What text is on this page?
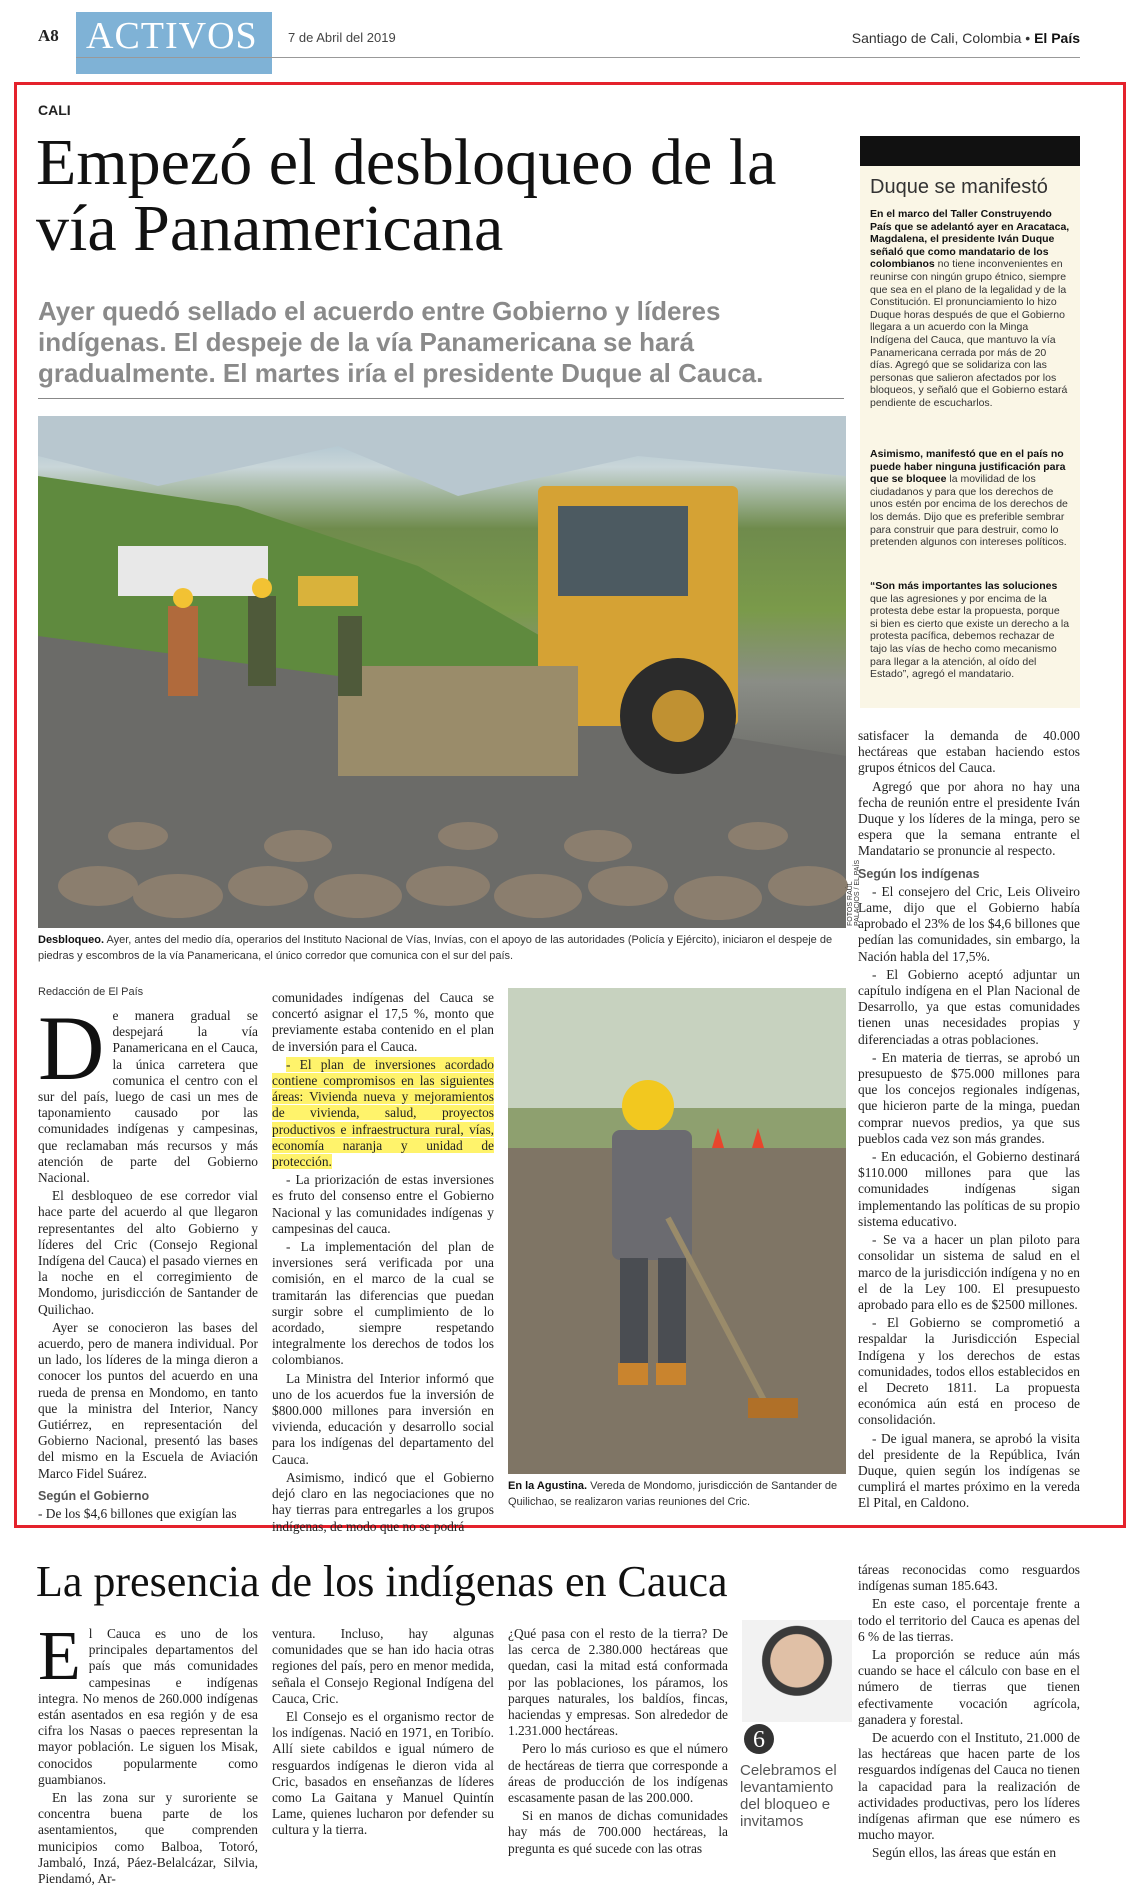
A8 ACTIVOS 7 de Abril del 2019	Santiago de Cali, Colombia • El País
CALI
Empezó el desbloqueo de la vía Panamericana
Ayer quedó sellado el acuerdo entre Gobierno y líderes indígenas. El despeje de la vía Panamericana se hará gradualmente. El martes iría el presidente Duque al Cauca.
FOTOS RAÚL PALACIOS / EL PAÍS
Desbloqueo. Ayer, antes del medio día, operarios del Instituto Nacional de Vías, Invías, con el apoyo de las autoridades (Policía y Ejército), iniciaron el despeje de piedras y escombros de la vía Panamericana, el único corredor que comunica con el sur del país.
Duque se manifestó
En el marco del Taller Construyendo País que se adelantó ayer en Aracataca, Magdalena, el presidente Iván Duque señaló que como mandatario de los colombianos no tiene inconvenientes en reunirse con ningún grupo étnico, siempre que sea en el plano de la legalidad y de la Constitución. El pronunciamiento lo hizo Duque horas después de que el Gobierno llegara a un acuerdo con la Minga Indígena del Cauca, que mantuvo la vía Panamericana cerrada por más de 20 días. Agregó que se solidariza con las personas que salieron afectados por los bloqueos, y señaló que el Gobierno estará pendiente de escucharlos.
Asimismo, manifestó que en el país no puede haber ninguna justificación para que se bloquee la movilidad de los ciudadanos y para que los derechos de unos estén por encima de los derechos de los demás. Dijo que es preferible sembrar para construir que para destruir, como lo pretenden algunos con intereses políticos.
“Son más importantes las soluciones que las agresiones y por encima de la protesta debe estar la propuesta, porque si bien es cierto que existe un derecho a la protesta pacífica, debemos rechazar de tajo las vías de hecho como mecanismo para llegar a la atención, al oído del Estado”, agregó el mandatario.

satisfacer la demanda de 40.000 hectáreas que estaban haciendo estos grupos étnicos del Cauca.

Agregó que por ahora no hay una fecha de reunión entre el presidente Iván Duque y los líderes de la minga, pero se espera que la semana entrante el Mandatario se pronuncie al respecto.

Según los indígenas

- El consejero del Cric, Leis Oliveiro Lame, dijo que el Gobierno había aprobado el 23% de los $4,6 billones que pedían las comunidades, sin embargo, la Nación habla del 17,5%.

- El Gobierno aceptó adjuntar un capítulo indígena en el Plan Nacional de Desarrollo, ya que estas comunidades tienen unas necesidades propias y diferenciadas a otras poblaciones.

- En materia de tierras, se aprobó un presupuesto de $75.000 millones para que los concejos regionales indígenas, que hicieron parte de la minga, puedan comprar nuevos predios, ya que sus pueblos cada vez son más grandes.

- En educación, el Gobierno destinará $110.000 millones para que las comunidades indígenas sigan implementando las políticas de su propio sistema educativo.

- Se va a hacer un plan piloto para consolidar un sistema de salud en el marco de la jurisdicción indígena y no en el de la Ley 100. El presupuesto aprobado para ello es de $2500 millones.

- El Gobierno se comprometió a respaldar la Jurisdicción Especial Indígena y los derechos de estas comunidades, todos ellos establecidos en el Decreto 1811. La propuesta económica aún está en proceso de consolidación.

- De igual manera, se aprobó la visita del presidente de la República, Iván Duque, quien según los indígenas se cumplirá el martes próximo en la vereda El Pital, en Caldono.

Redacción de El País
D e manera gradual se despejará la vía Panamericana en el Cauca, la única carretera que comunica el centro con el sur del país, luego de casi un mes de taponamiento causado por las comunidades indígenas y campesinas, que reclamaban más recursos y más atención de parte del Gobierno Nacional.

El desbloqueo de ese corredor vial hace parte del acuerdo al que llegaron representantes del alto Gobierno y líderes del Cric (Consejo Regional Indígena del Cauca) el pasado viernes en la noche en el corregimiento de Mondomo, jurisdicción de Santander de Quilichao.

Ayer se conocieron las bases del acuerdo, pero de manera individual. Por un lado, los líderes de la minga dieron a conocer los puntos del acuerdo en una rueda de prensa en Mondomo, en tanto que la ministra del Interior, Nancy Gutiérrez, en representación del Gobierno Nacional, presentó las bases del mismo en la Escuela de Aviación Marco Fidel Suárez.

Según el Gobierno

- De los $4,6 billones que exigían las

comunidades indígenas del Cauca se concertó asignar el 17,5 %, monto que previamente estaba contenido en el plan de inversión para el Cauca.

- El plan de inversiones acordado contiene compromisos en las siguientes áreas: Vivienda nueva y mejoramientos de vivienda, salud, proyectos productivos e infraestructura rural, vías, economía naranja y unidad de protección.

- La priorización de estas inversiones es fruto del consenso entre el Gobierno Nacional y las comunidades indígenas y campesinas del cauca.

- La implementación del plan de inversiones será verificada por una comisión, en el marco de la cual se tramitarán las diferencias que puedan surgir sobre el cumplimiento de lo acordado, siempre respetando integralmente los derechos de todos los colombianos.

La Ministra del Interior informó que uno de los acuerdos fue la inversión de $800.000 millones para inversión en vivienda, educación y desarrollo social para los indígenas del departamento del Cauca.

Asimismo, indicó que el Gobierno dejó claro en las negociaciones que no hay tierras para entregarles a los grupos indígenas, de modo que no se podrá

En la Agustina. Vereda de Mondomo, jurisdicción de Santander de Quilichao, se realizaron varias reuniones del Cric.
La presencia de los indígenas en Cauca
E l Cauca es uno de los principales departamentos del país que más comunidades campesinas e indígenas integra. No menos de 260.000 indígenas están asentados en esa región y de esa cifra los Nasas o paeces representan la mayor población. Le siguen los Misak, conocidos popularmente como guambianos.

En las zona sur y suroriente se concentra buena parte de los asentamientos, que comprenden municipios como Balboa, Totoró, Jambaló, Inzá, Páez-Belalcázar, Silvia, Piendamó, Ar-

ventura. Incluso, hay algunas comunidades que se han ido hacia otras regiones del país, pero en menor medida, señala el Consejo Regional Indígena del Cauca, Cric.

El Consejo es el organismo rector de los indígenas. Nació en 1971, en Toribío. Allí siete cabildos e igual número de resguardos indígenas le dieron vida al Cric, basados en enseñanzas de líderes como La Gaitana y Manuel Quintín Lame, quienes lucharon por defender su cultura y la tierra.

¿Qué pasa con el resto de la tierra? De las cerca de 2.380.000 hectáreas que quedan, casi la mitad está conformada por las poblaciones, los páramos, los parques naturales, los baldíos, fincas, haciendas y empresas. Son alrededor de 1.231.000 hectáreas.

Pero lo más curioso es que el número de hectáreas de tierra que corresponde a áreas de producción de los indígenas escasamente pasan de las 200.000.

Si en manos de dichas comunidades hay más de 700.000 hectáreas, la pregunta es qué sucede con las otras

6
Celebramos el levantamiento del bloqueo e invitamos

táreas reconocidas como resguardos indígenas suman 185.643.

En este caso, el porcentaje frente a todo el territorio del Cauca es apenas del 6 % de las tierras.

La proporción se reduce aún más cuando se hace el cálculo con base en el número de tierras que tienen efectivamente vocación agrícola, ganadera y forestal.

De acuerdo con el Instituto, 21.000 de las hectáreas que hacen parte de los resguardos indígenas del Cauca no tienen la capacidad para la realización de actividades productivas, pero los líderes indígenas afirman que ese número es mucho mayor.

Según ellos, las áreas que están en
